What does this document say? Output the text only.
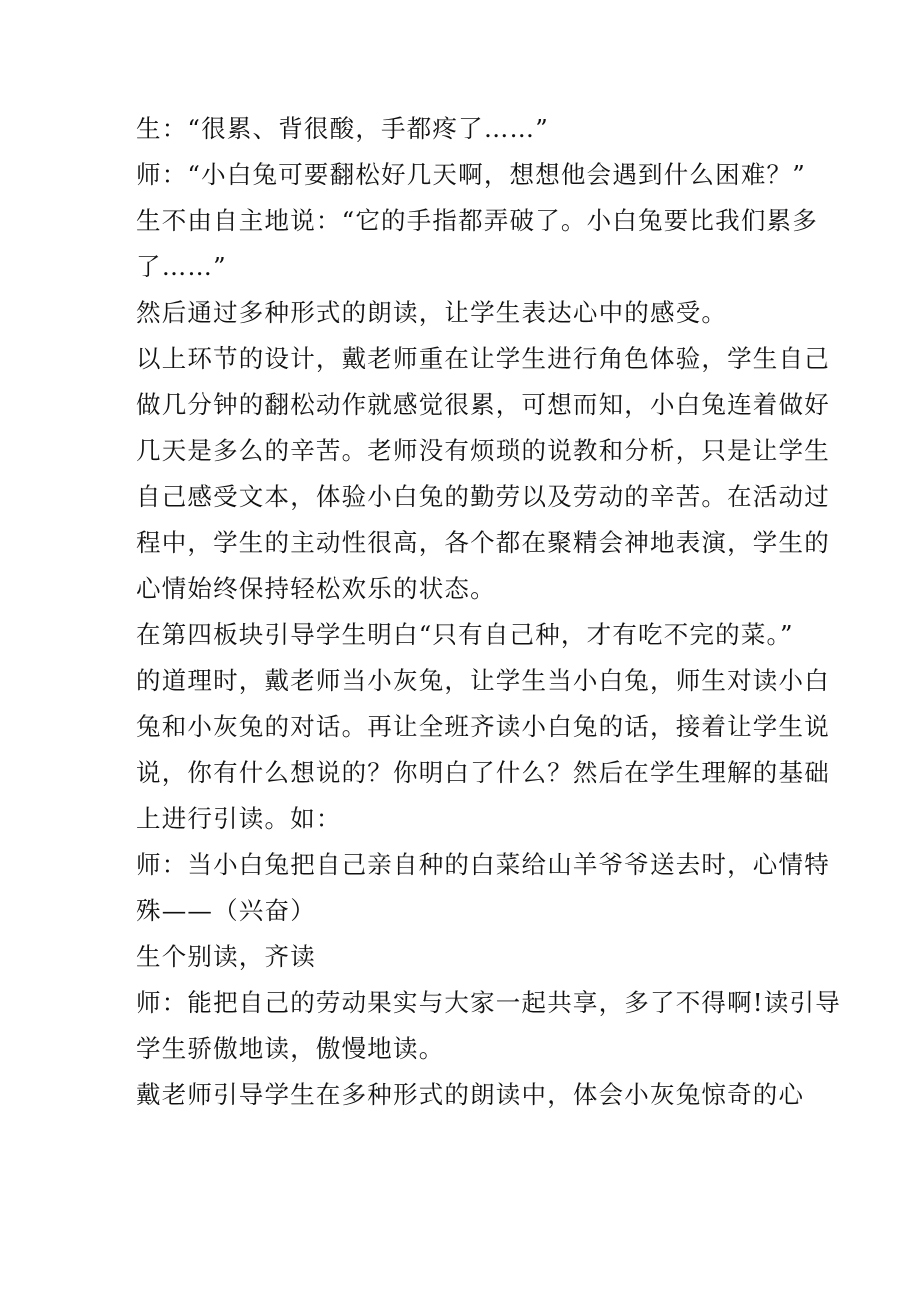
生：“很累、背很酸，手都疼了……”
师：“小白兔可要翻松好几天啊，想想他会遇到什么困难？”
生不由自主地说：“它的手指都弄破了。小白兔要比我们累多
了……”
然后通过多种形式的朗读，让学生表达心中的感受。
以上环节的设计，戴老师重在让学生进行角色体验，学生自己
做几分钟的翻松动作就感觉很累，可想而知，小白兔连着做好
几天是多么的辛苦。老师没有烦琐的说教和分析，只是让学生
自己感受文本，体验小白兔的勤劳以及劳动的辛苦。在活动过
程中，学生的主动性很高，各个都在聚精会神地表演，学生的
心情始终保持轻松欢乐的状态。
在第四板块引导学生明白“只有自己种，才有吃不完的菜。”
的道理时，戴老师当小灰兔，让学生当小白兔，师生对读小白
兔和小灰兔的对话。再让全班齐读小白兔的话，接着让学生说
说，你有什么想说的？你明白了什么？然后在学生理解的基础
上进行引读。如：
师：当小白兔把自己亲自种的白菜给山羊爷爷送去时，心情特
殊——（兴奋）
生个别读，齐读
师：能把自己的劳动果实与大家一起共享，多了不得啊!读引导
学生骄傲地读，傲慢地读。
戴老师引导学生在多种形式的朗读中，体会小灰兔惊奇的心
